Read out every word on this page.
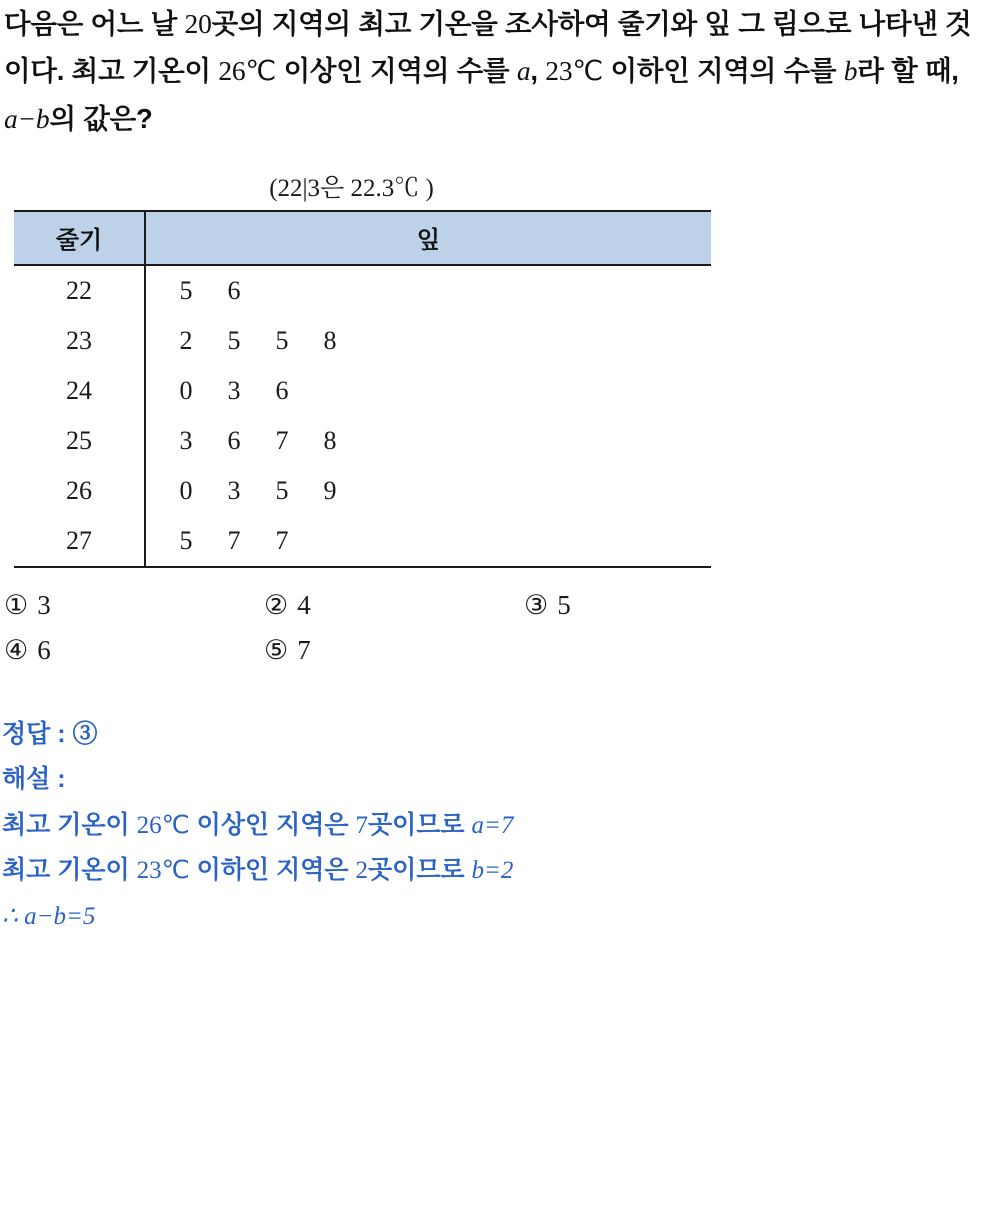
다음은 어느 날 20곳의 지역의 최고 기온을 조사하여 줄기와 잎 그 림으로 나타낸 것이다. 최고 기온이 26℃ 이상인 지역의 수를 a, 23℃ 이하인 지역의 수를 b라 할 때, a−b의 값은?
(22|3은 22.3℃ )
줄기	잎
22	5 6
23	2 5 5 8
24	0 3 6
25	3 6 7 8
26	0 3 5 9
27	5 7 7
① 3	② 4	③ 5
④ 6	⑤ 7
정답 : ③
해설 :
최고 기온이 26℃ 이상인 지역은 7곳이므로 a=7
최고 기온이 23℃ 이하인 지역은 2곳이므로 b=2
∴ a−b=5
